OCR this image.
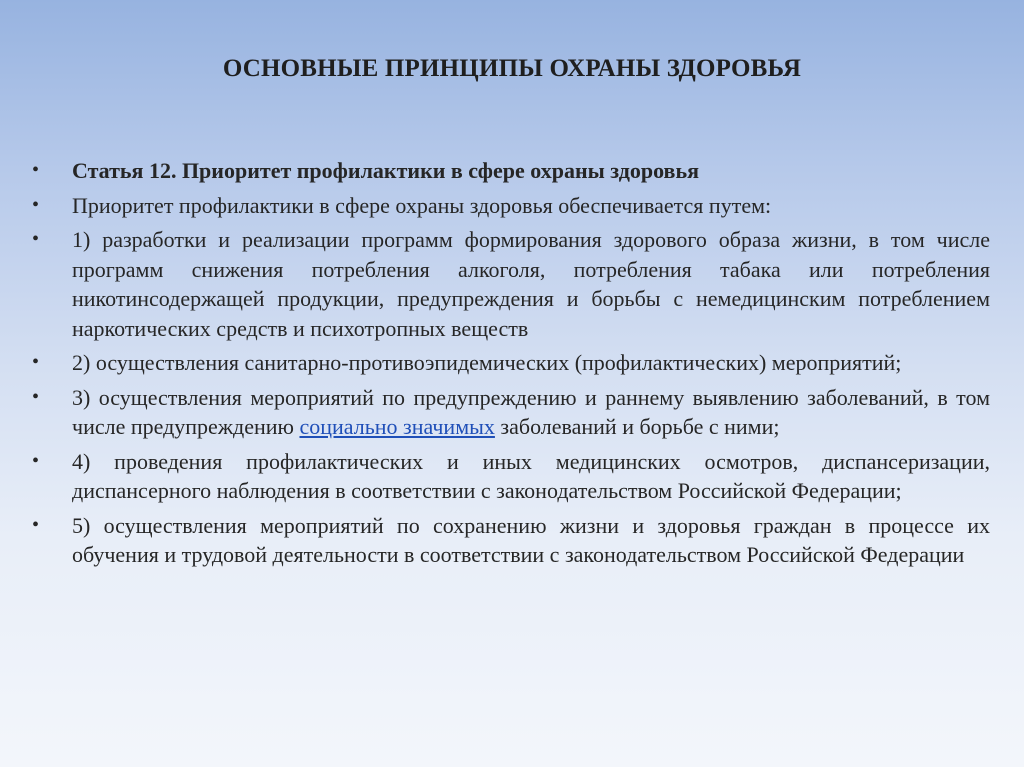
ОСНОВНЫЕ ПРИНЦИПЫ ОХРАНЫ ЗДОРОВЬЯ
• Статья 12. Приоритет профилактики в сфере охраны здоровья
• Приоритет профилактики в сфере охраны здоровья обеспечивается путем:
• 1) разработки и реализации программ формирования здорового образа жизни, в том числе программ снижения потребления алкоголя, потребления табака или потребления никотинсодержащей продукции, предупреждения и борьбы с немедицинским потреблением наркотических средств и психотропных веществ
• 2) осуществления санитарно-противоэпидемических (профилактических) мероприятий;
• 3) осуществления мероприятий по предупреждению и раннему выявлению заболеваний, в том числе предупреждению социально значимых заболеваний и борьбе с ними;
• 4) проведения профилактических и иных медицинских осмотров, диспансеризации, диспансерного наблюдения в соответствии с законодательством Российской Федерации;
• 5) осуществления мероприятий по сохранению жизни и здоровья граждан в процессе их обучения и трудовой деятельности в соответствии с законодательством Российской Федерации
